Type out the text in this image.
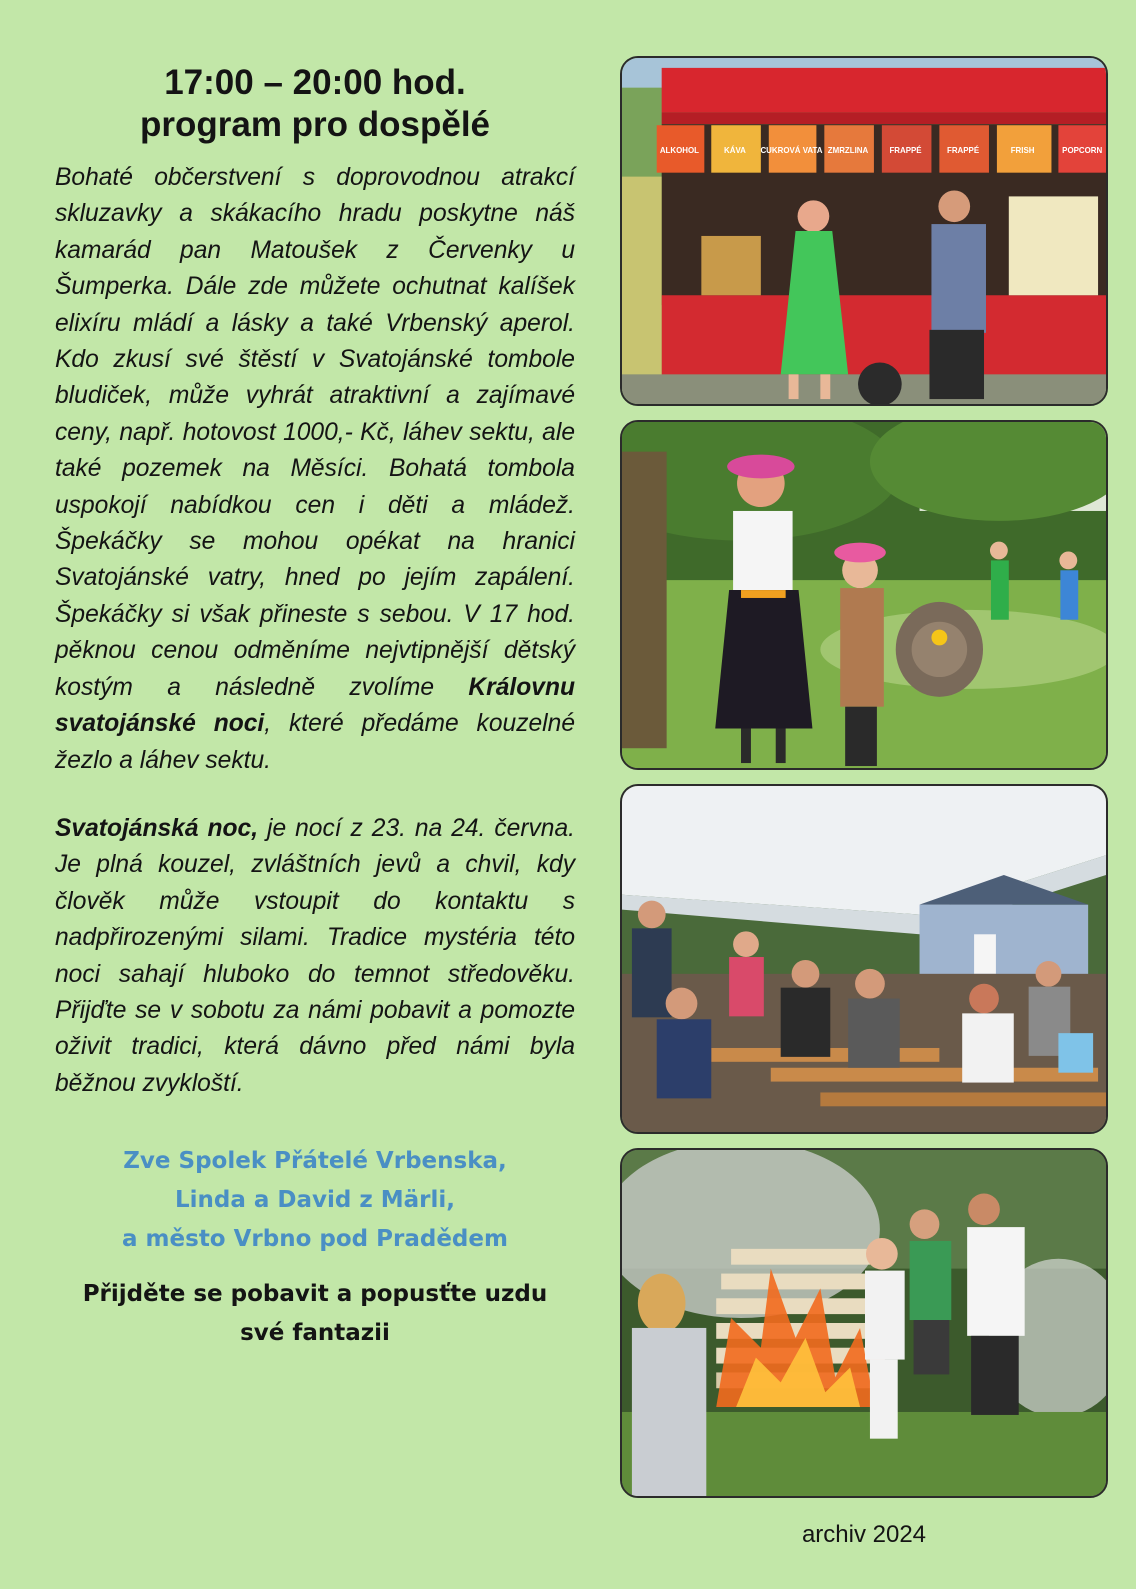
17:00 – 20:00 hod.
program pro dospělé

Bohaté občerstvení s doprovodnou atrakcí skluzavky a skákacího hradu poskytne náš kamarád pan Matoušek z Červenky u Šumperka. Dále zde můžete ochutnat kalíšek elixíru mládí a lásky a také Vrbenský aperol. Kdo zkusí své štěstí v Svatojánské tombole bludiček, může vyhrát atraktivní a zajímavé ceny, např. hotovost 1000,- Kč, láhev sektu, ale také pozemek na Měsíci. Bohatá tombola uspokojí nabídkou cen i děti a mládež. Špekáčky se mohou opékat na hranici Svatojánské vatry, hned po jejím zapálení. Špekáčky si však přineste s sebou. V 17 hod. pěknou cenou odměníme nejvtipnější dětský kostým a následně zvolíme Královnu svatojánské noci, které předáme kouzelné žezlo a láhev sektu.

Svatojánská noc, je nocí z 23. na 24. června. Je plná kouzel, zvláštních jevů a chvil, kdy člověk může vstoupit do kontaktu s nadpřirozenými silami. Tradice mystéria této noci sahají hluboko do temnot středověku. Přijďte se v sobotu za námi pobavit a pomozte oživit tradici, která dávno před námi byla běžnou zvykloští.

Zve Spolek Přátelé Vrbenska,
Linda a David z Märli,
a město Vrbno pod Pradědem
Přijděte se pobavit a popusťte uzdu
své fantazii
ALKOHOL	KÁVA CUKROVÁ VATA ZMRZLINA	FRAPPÉ	FRAPPÉ	FRISH	POPCORN
archiv 2024
